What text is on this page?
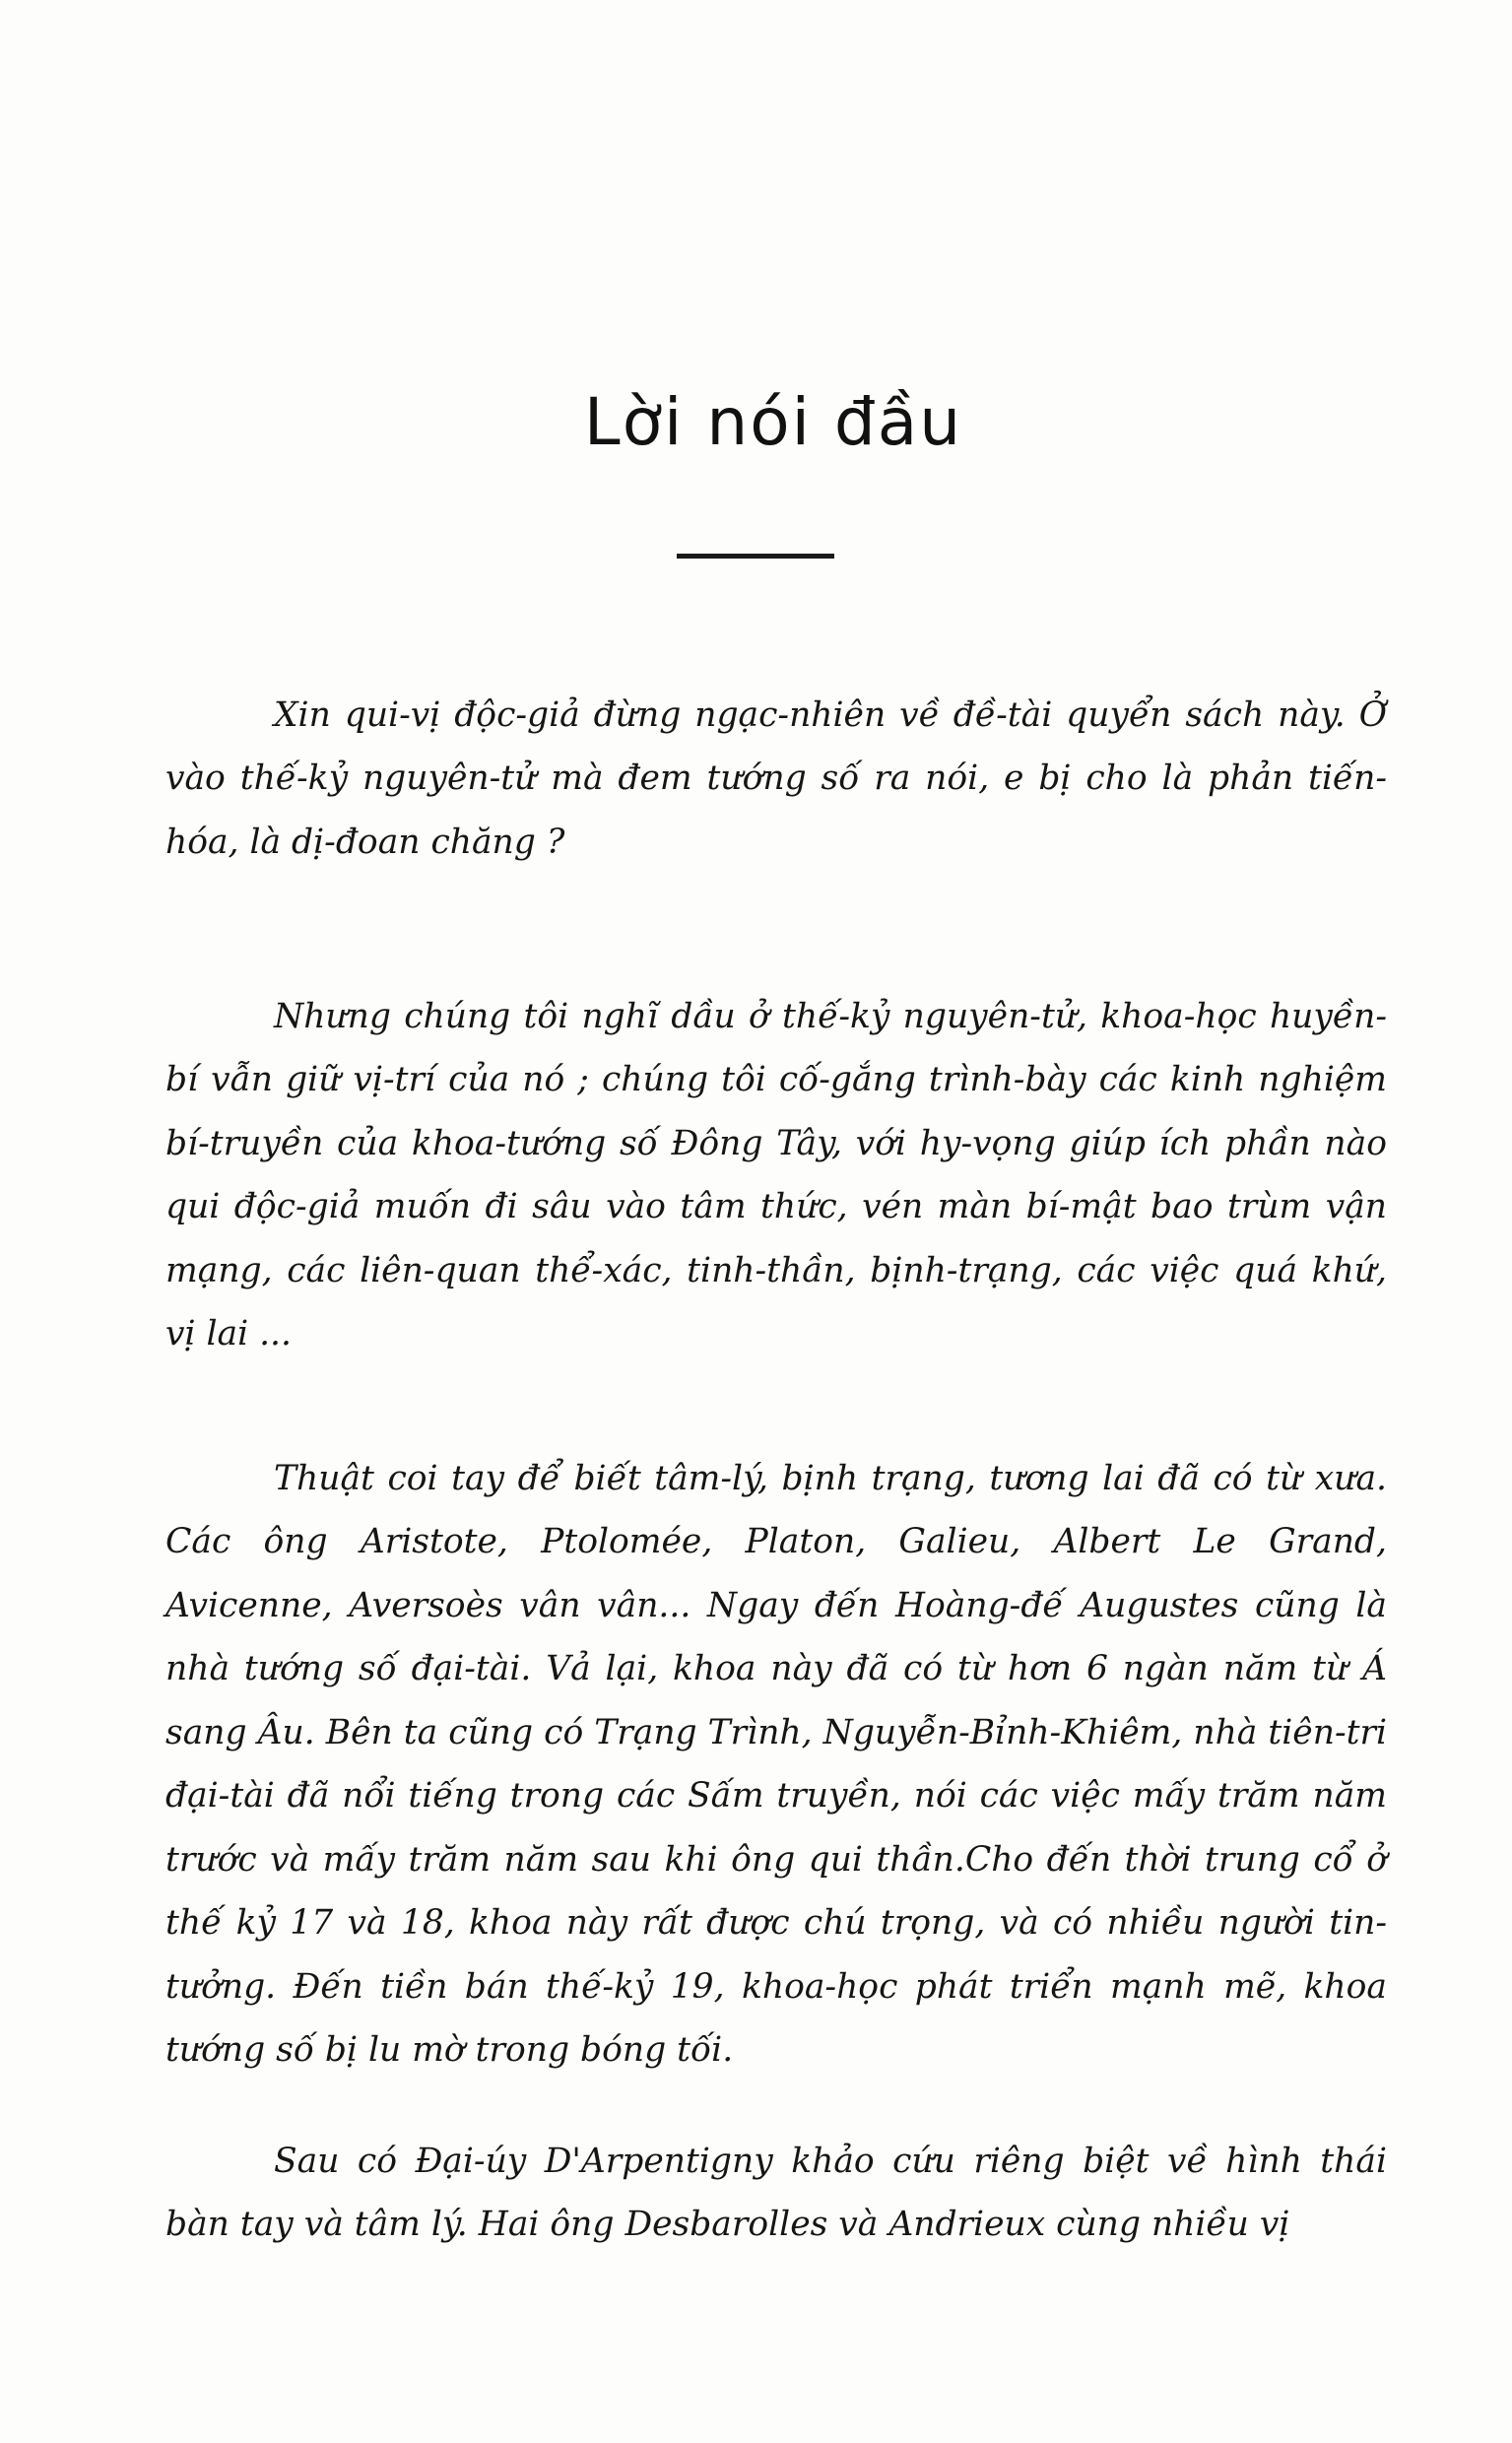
Lời nói đầu

Xin qui-vị độc-giả đừng ngạc-nhiên về đề-tài quyển sách này. Ở vào thế-kỷ nguyên-tử mà đem tướng số ra nói, e bị cho là phản tiến-hóa, là dị-đoan chăng ?

Nhưng chúng tôi nghĩ dầu ở thế-kỷ nguyên-tử, khoa-học huyền-bí vẫn giữ vị-trí của nó ; chúng tôi cố-gắng trình-bày các kinh nghiệm bí-truyền của khoa-tướng số Đông Tây, với hy-vọng giúp ích phần nào qui độc-giả muốn đi sâu vào tâm thức, vén màn bí-mật bao trùm vận mạng, các liên-quan thể-xác, tinh-thần, bịnh-trạng, các việc quá khứ, vị lai ...

Thuật coi tay để biết tâm-lý, bịnh trạng, tương lai đã có từ xưa. Các ông Aristote, Ptolomée, Platon, Galieu, Albert Le Grand, Avicenne, Aversoès vân vân... Ngay đến Hoàng-đế Augustes cũng là nhà tướng số đại-tài. Vả lại, khoa này đã có từ hơn 6 ngàn năm từ Á sang Âu. Bên ta cũng có Trạng Trình, Nguyễn-Bỉnh-Khiêm, nhà tiên-tri đại-tài đã nổi tiếng trong các Sấm truyền, nói các việc mấy trăm năm trước và mấy trăm năm sau khi ông qui thần.Cho đến thời trung cổ ở thế kỷ 17 và 18, khoa này rất được chú trọng, và có nhiều người tin-tưởng. Đến tiền bán thế-kỷ 19, khoa-học phát triển mạnh mẽ, khoa tướng số bị lu mờ trong bóng tối.

Sau có Đại-úy D'Arpentigny khảo cứu riêng biệt về hình thái bàn tay và tâm lý. Hai ông Desbarolles và Andrieux cùng nhiều vị
